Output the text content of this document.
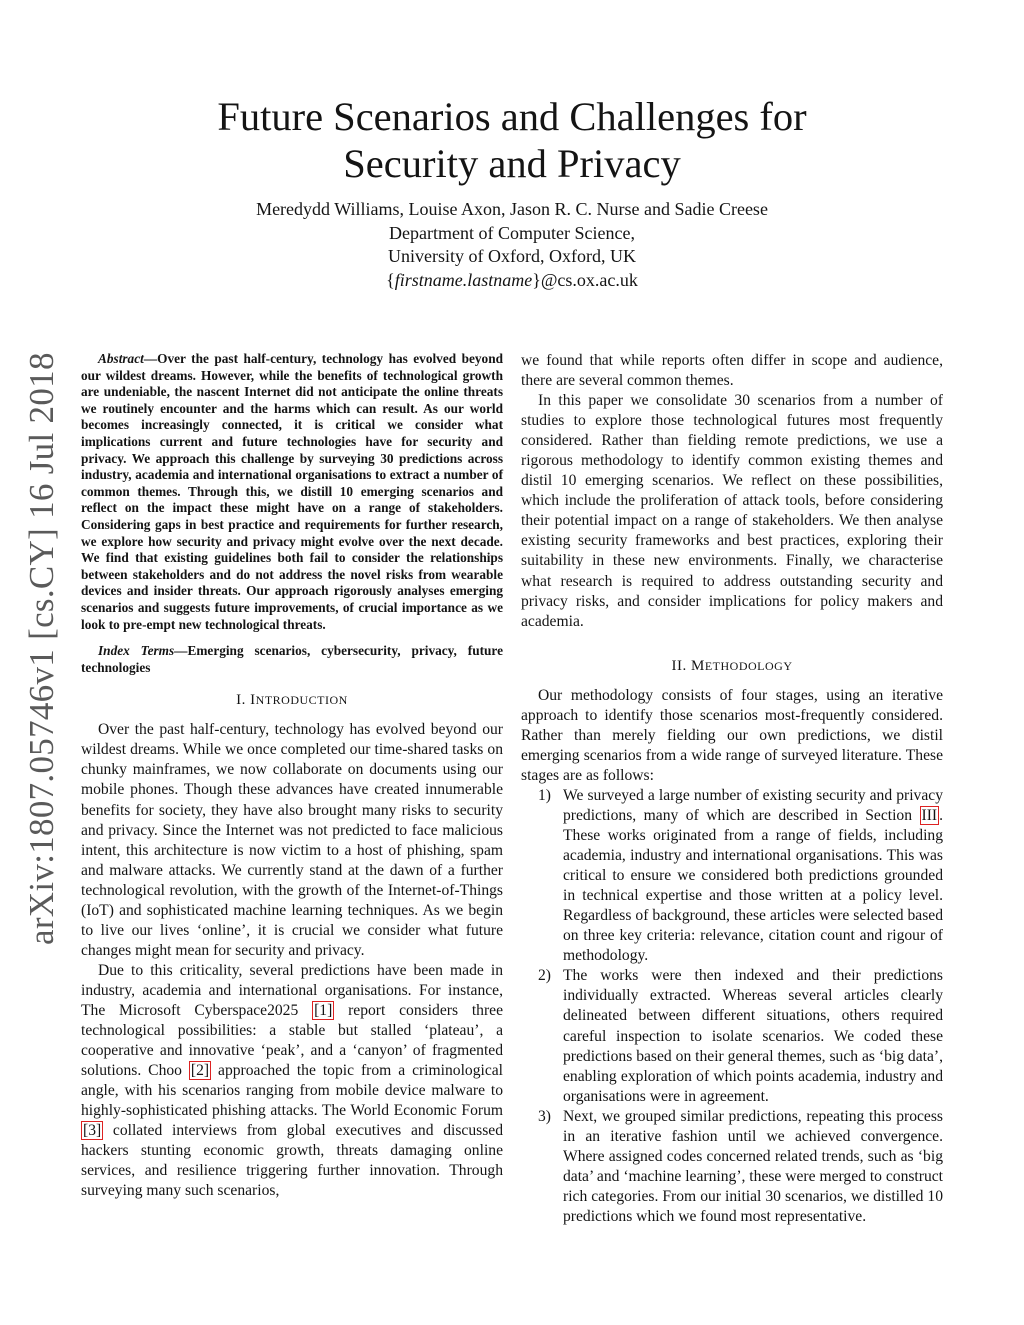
arXiv:1807.05746v1 [cs.CY] 16 Jul 2018
Future Scenarios and Challenges for
Security and Privacy
Meredydd Williams, Louise Axon, Jason R. C. Nurse and Sadie Creese
Department of Computer Science,
University of Oxford, Oxford, UK
{firstname.lastname}@cs.ox.ac.uk

Abstract—Over the past half-century, technology has evolved beyond our wildest dreams. However, while the benefits of technological growth are undeniable, the nascent Internet did not anticipate the online threats we routinely encounter and the harms which can result. As our world becomes increasingly connected, it is critical we consider what implications current and future technologies have for security and privacy. We approach this challenge by surveying 30 predictions across industry, academia and international organisations to extract a number of common themes. Through this, we distill 10 emerging scenarios and reflect on the impact these might have on a range of stakeholders. Considering gaps in best practice and requirements for further research, we explore how security and privacy might evolve over the next decade. We find that existing guidelines both fail to consider the relationships between stakeholders and do not address the novel risks from wearable devices and insider threats. Our approach rigorously analyses emerging scenarios and suggests future improvements, of crucial importance as we look to pre-empt new technological threats.

Index Terms—Emerging scenarios, cybersecurity, privacy, future technologies

I. INTRODUCTION

Over the past half-century, technology has evolved beyond our wildest dreams. While we once completed our time-shared tasks on chunky mainframes, we now collaborate on documents using our mobile phones. Though these advances have created innumerable benefits for society, they have also brought many risks to security and privacy. Since the Internet was not predicted to face malicious intent, this architecture is now victim to a host of phishing, spam and malware attacks. We currently stand at the dawn of a further technological revolution, with the growth of the Internet-of-Things (IoT) and sophisticated machine learning techniques. As we begin to live our lives ‘online’, it is crucial we consider what future changes might mean for security and privacy.

Due to this criticality, several predictions have been made in industry, academia and international organisations. For instance, The Microsoft Cyberspace2025 [1] report considers three technological possibilities: a stable but stalled ‘plateau’, a cooperative and innovative ‘peak’, and a ‘canyon’ of fragmented solutions. Choo [2] approached the topic from a criminological angle, with his scenarios ranging from mobile device malware to highly-sophisticated phishing attacks. The World Economic Forum [3] collated interviews from global executives and discussed hackers stunting economic growth, threats damaging online services, and resilience triggering further innovation. Through surveying many such scenarios,

we found that while reports often differ in scope and audience, there are several common themes.

In this paper we consolidate 30 scenarios from a number of studies to explore those technological futures most frequently considered. Rather than fielding remote predictions, we use a rigorous methodology to identify common existing themes and distil 10 emerging scenarios. We reflect on these possibilities, which include the proliferation of attack tools, before considering their potential impact on a range of stakeholders. We then analyse existing security frameworks and best practices, exploring their suitability in these new environments. Finally, we characterise what research is required to address outstanding security and privacy risks, and consider implications for policy makers and academia.

II. METHODOLOGY

Our methodology consists of four stages, using an iterative approach to identify those scenarios most-frequently considered. Rather than merely fielding our own predictions, we distil emerging scenarios from a wide range of surveyed literature. These stages are as follows:

1) We surveyed a large number of existing security and privacy predictions, many of which are described in Section III . These works originated from a range of fields, including academia, industry and international organisations. This was critical to ensure we considered both predictions grounded in technical expertise and those written at a policy level. Regardless of background, these articles were selected based on three key criteria: relevance, citation count and rigour of methodology.
2) The works were then indexed and their predictions individually extracted. Whereas several articles clearly delineated between different situations, others required careful inspection to isolate scenarios. We coded these predictions based on their general themes, such as ‘big data’, enabling exploration of which points academia, industry and organisations were in agreement.
3) Next, we grouped similar predictions, repeating this process in an iterative fashion until we achieved convergence. Where assigned codes concerned related trends, such as ‘big data’ and ‘machine learning’, these were merged to construct rich categories. From our initial 30 scenarios, we distilled 10 predictions which we found most representative.
